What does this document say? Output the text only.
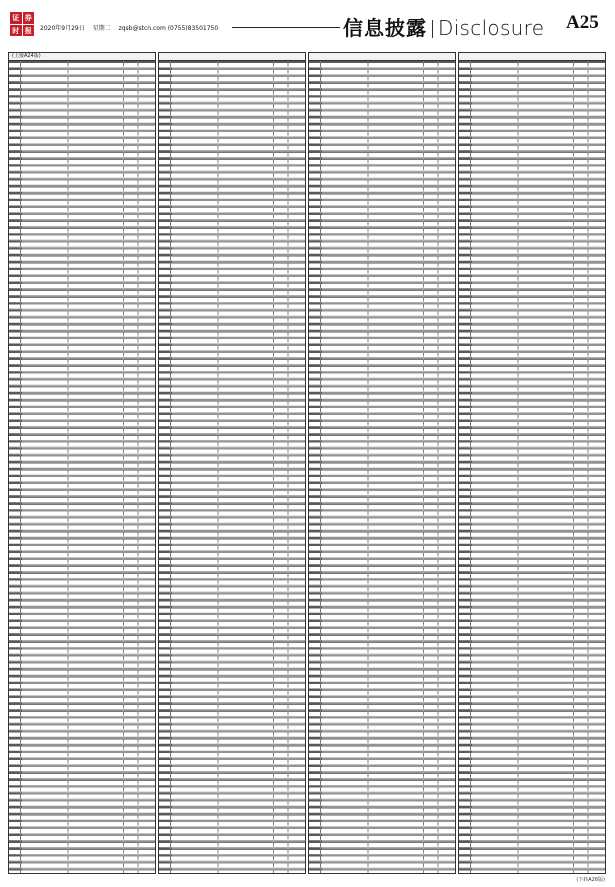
证 券
时 报	2020年9月29日 星期二 zqsb@stcn.com (0755)83501750	信息披露 Disclosure A25
(上接A24版)
(下转A26版)
